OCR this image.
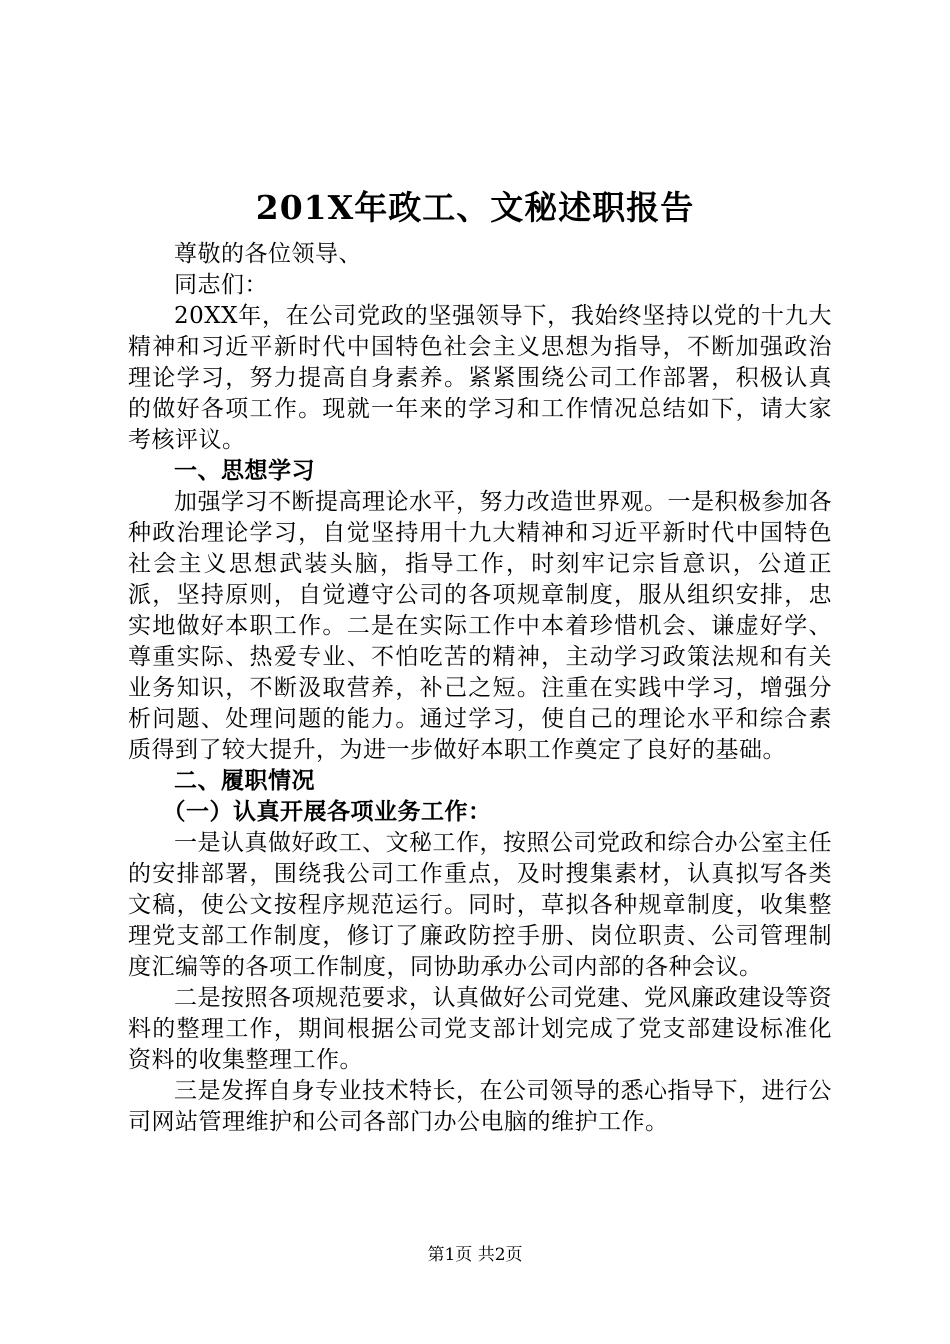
201X年政工、文秘述职报告

尊敬的各位领导、

同志们：

20XX年，在公司党政的坚强领导下，我始终坚持以党的十九大精神和习近平新时代中国特色社会主义思想为指导，不断加强政治理论学习，努力提高自身素养。紧紧围绕公司工作部署，积极认真的做好各项工作。现就一年来的学习和工作情况总结如下，请大家考核评议。

一、思想学习

加强学习不断提高理论水平，努力改造世界观。一是积极参加各种政治理论学习，自觉坚持用十九大精神和习近平新时代中国特色社会主义思想武装头脑，指导工作，时刻牢记宗旨意识，公道正派，坚持原则，自觉遵守公司的各项规章制度，服从组织安排，忠实地做好本职工作。二是在实际工作中本着珍惜机会、谦虚好学、尊重实际、热爱专业、不怕吃苦的精神，主动学习政策法规和有关业务知识，不断汲取营养，补己之短。注重在实践中学习，增强分析问题、处理问题的能力。通过学习，使自己的理论水平和综合素质得到了较大提升，为进一步做好本职工作奠定了良好的基础。

二、履职情况

（一）认真开展各项业务工作：

一是认真做好政工、文秘工作，按照公司党政和综合办公室主任的安排部署，围绕我公司工作重点，及时搜集素材，认真拟写各类文稿，使公文按程序规范运行。同时，草拟各种规章制度，收集整理党支部工作制度，修订了廉政防控手册、岗位职责、公司管理制度汇编等的各项工作制度，同协助承办公司内部的各种会议。

二是按照各项规范要求，认真做好公司党建、党风廉政建设等资料的整理工作，期间根据公司党支部计划完成了党支部建设标准化资料的收集整理工作。

三是发挥自身专业技术特长，在公司领导的悉心指导下，进行公司网站管理维护和公司各部门办公电脑的维护工作。

第1页 共2页
